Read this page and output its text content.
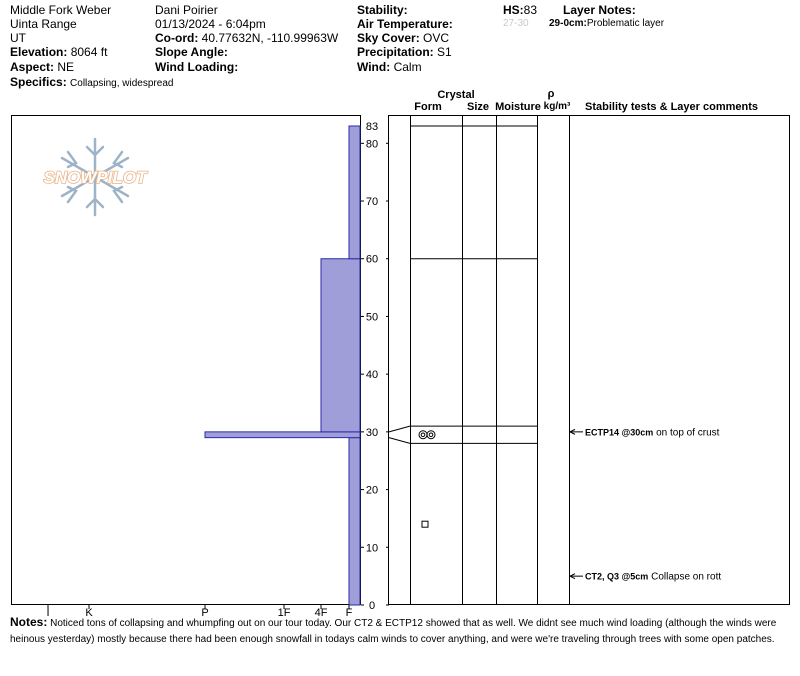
Middle Fork Weber
Uinta Range
UT
Elevation: 8064 ft
Aspect: NE
Specifics: Collapsing, widespread
Dani Poirier
01/13/2024 - 6:04pm
Co-ord: 40.77632N, -110.99963W
Slope Angle:
Wind Loading:
Stability:
Air Temperature:
Sky Cover: OVC
Precipitation: S1
Wind: Calm
HS:83
27-30
Layer Notes:
29-0cm:Problematic layer
SNOWPILOT
Crystal
Form Size Moisture
ρ
kg/m³ Stability tests & Layer comments
0
10
20
30
40
50
60
70
80
83
I	K	P	1F 4F F
ECTP14 @30cm on top of crust
CT2, Q3 @5cm Collapse on rott
Notes: Noticed tons of collapsing and whumpfing out on our tour today. Our CT2 & ECTP12 showed that as well. We didnt see much wind loading (although the winds were heinous yesterday) mostly because there had been enough snowfall in todays calm winds to cover anything, and were we're traveling through trees with some open patches.
